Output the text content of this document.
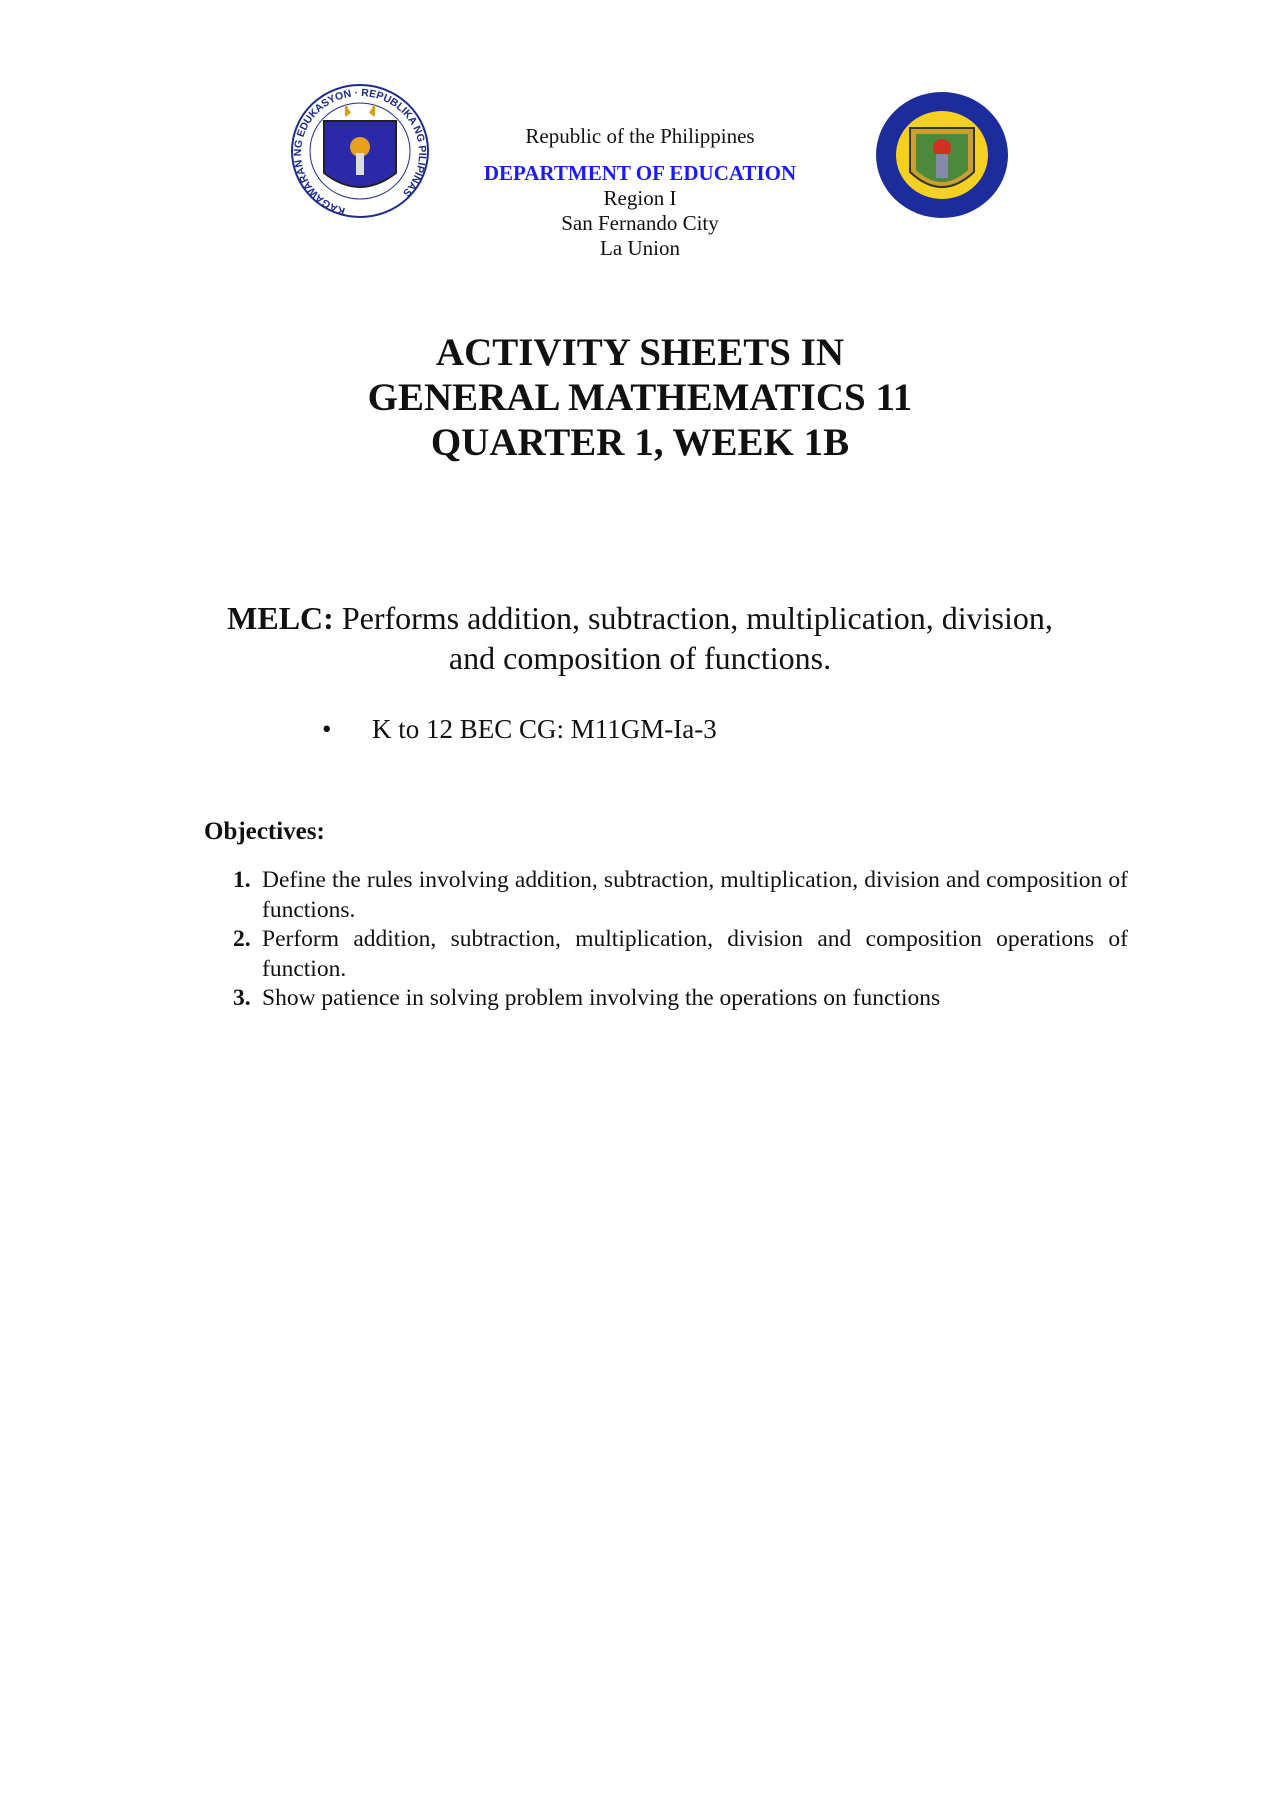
KAGAWARAN NG EDUKASYON · REPUBLIKA NG PILIPINAS
Republic of the Philippines
DEPARTMENT OF EDUCATION
Region I
San Fernando City
La Union
ACTIVITY SHEETS IN
GENERAL MATHEMATICS 11
QUARTER 1, WEEK 1B
MELC: Performs addition, subtraction, multiplication, division,
and composition of functions.
• K to 12 BEC CG: M11GM-Ia-3
Objectives:
1. Define the rules involving addition, subtraction, multiplication, division and composition of functions.
2. Perform addition, subtraction, multiplication, division and composition operations of function.
3. Show patience in solving problem involving the operations on functions
